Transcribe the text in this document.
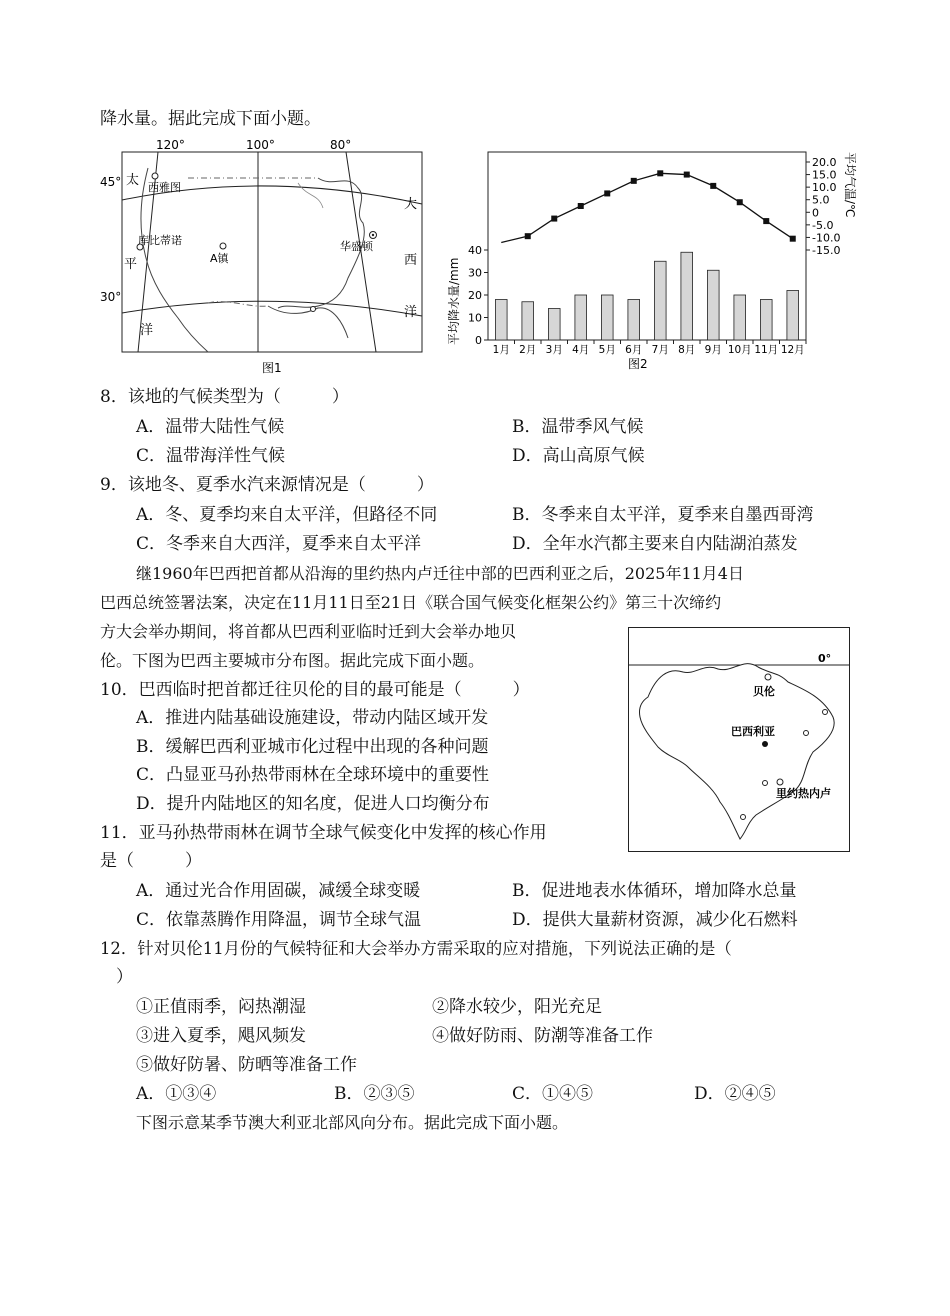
降水量。据此完成下面小题。
120°	100°	80°
45°
30°
太
平
洋
大
西
洋
西雅图
库比蒂诺
A镇
华盛顿
图1
0
10
20
30
40
20.0
15.0
10.0
5.0
0
-5.0
-10.0
-15.0
1月 2月 3月 4月 5月 6月 7月 8月 9月 10月 11月 12月
平均降水量/mm
平均气温/℃
图2
8．该地的气候类型为（　　　）
A．温带大陆性气候	B．温带季风气候
C．温带海洋性气候	D．高山高原气候
9．该地冬、夏季水汽来源情况是（　　　）
A．冬、夏季均来自太平洋，但路径不同	B．冬季来自太平洋，夏季来自墨西哥湾
C．冬季来自大西洋，夏季来自太平洋	D．全年水汽都主要来自内陆湖泊蒸发
继1960年巴西把首都从沿海的里约热内卢迁往中部的巴西利亚之后，2025年11月4日
巴西总统签署法案，决定在11月11日至21日《联合国气候变化框架公约》第三十次缔约
方大会举办期间，将首都从巴西利亚临时迁到大会举办地贝
伦。下图为巴西主要城市分布图。据此完成下面小题。	0°
贝伦
巴西利亚
里约热内卢
10．巴西临时把首都迁往贝伦的目的最可能是（　　　）
A．推进内陆基础设施建设，带动内陆区域开发
B．缓解巴西利亚城市化过程中出现的各种问题
C．凸显亚马孙热带雨林在全球环境中的重要性
D．提升内陆地区的知名度，促进人口均衡分布
11．亚马孙热带雨林在调节全球气候变化中发挥的核心作用
是（　　　）
A．通过光合作用固碳，减缓全球变暖	B．促进地表水体循环，增加降水总量
C．依靠蒸腾作用降温，调节全球气温	D．提供大量薪材资源，减少化石燃料
12．针对贝伦11月份的气候特征和大会举办方需采取的应对措施，下列说法正确的是（
）
①正值雨季，闷热潮湿	②降水较少，阳光充足
③进入夏季，飓风频发	④做好防雨、防潮等准备工作
⑤做好防暑、防晒等准备工作
A．①③④	B．②③⑤	C．①④⑤	D．②④⑤
下图示意某季节澳大利亚北部风向分布。据此完成下面小题。
